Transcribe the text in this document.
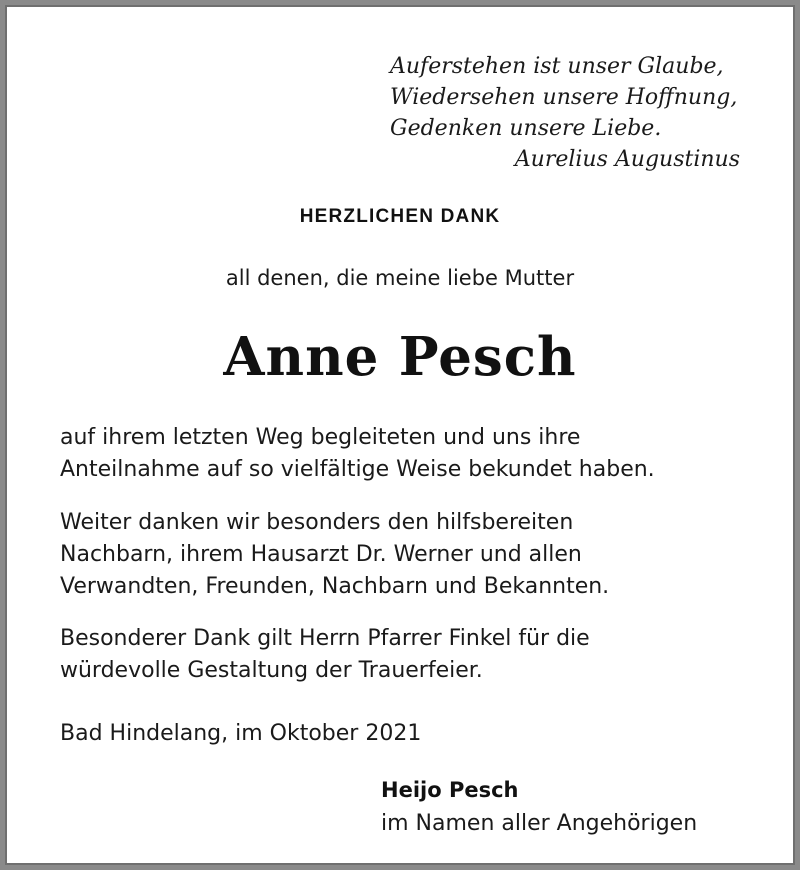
Auferstehen ist unser Glaube,
Wiedersehen unsere Hoffnung,
Gedenken unsere Liebe.
Aurelius Augustinus
HERZLICHEN DANK
all denen, die meine liebe Mutter
Anne Pesch
auf ihrem letzten Weg begleiteten und uns ihre
Anteilnahme auf so vielfältige Weise bekundet haben.
Weiter danken wir besonders den hilfsbereiten
Nachbarn, ihrem Hausarzt Dr. Werner und allen
Verwandten, Freunden, Nachbarn und Bekannten.
Besonderer Dank gilt Herrn Pfarrer Finkel für die
würdevolle Gestaltung der Trauerfeier.
Bad Hindelang, im Oktober 2021
Heijo Pesch
im Namen aller Angehörigen
